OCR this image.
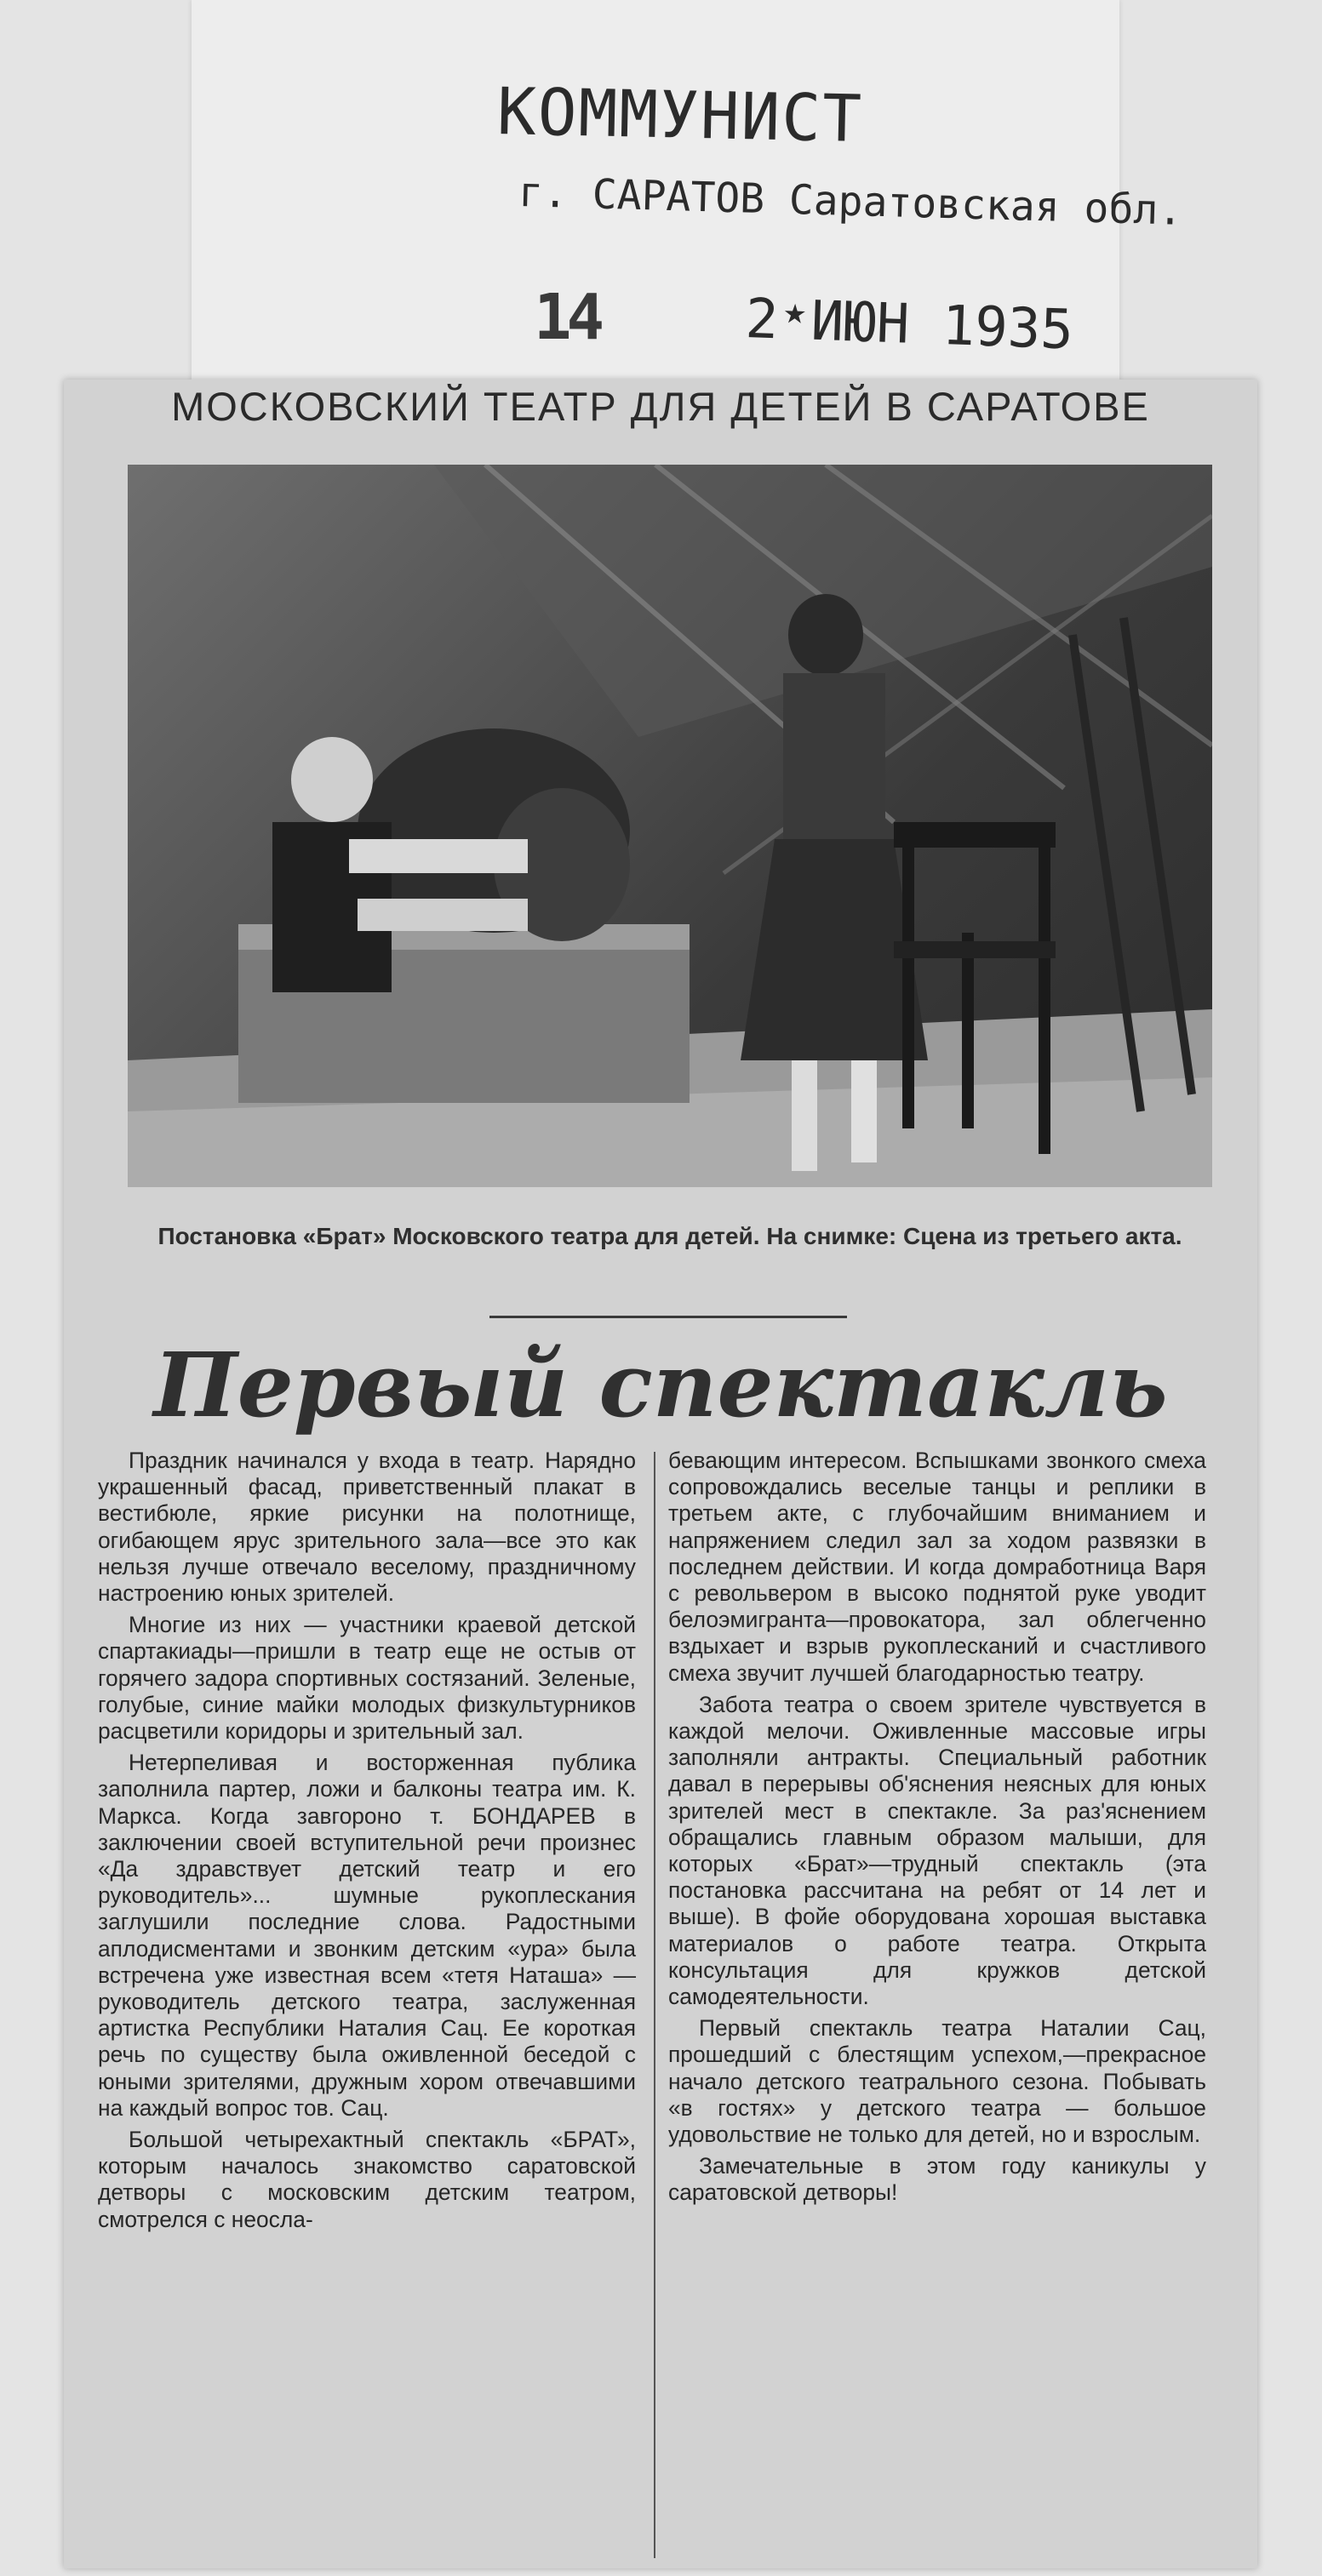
КОММУНИСТ
г. САРАТОВ Саратовская обл.
14	2★ИЮН 1935
МОСКОВСКИЙ ТЕАТР ДЛЯ ДЕТЕЙ В САРАТОВЕ
Постановка «Брат» Московского театра для детей. На снимке: Сцена из третьего акта.
Первый спектакль

Праздник начинался у входа в театр. Нарядно украшенный фасад, приветственный плакат в вестибюле, яркие рисунки на полотнище, огибающем ярус зрительного зала—все это как нельзя лучше отвечало веселому, праздничному настроению юных зрителей.

Многие из них — участники краевой детской спартакиады—пришли в театр еще не остыв от горячего задора спортивных состязаний. Зеленые, голубые, синие майки молодых физкультурников расцветили коридоры и зрительный зал.

Нетерпеливая и восторженная публика заполнила партер, ложи и балконы театра им. К. Маркса. Когда завгороно т. БОНДАРЕВ в заключении своей вступительной речи произнес «Да здравствует детский театр и его руководитель»... шумные рукоплескания заглушили последние слова. Радостными аплодисментами и звонким детским «ура» была встречена уже известная всем «тетя Наташа» — руководитель детского театра, заслуженная артистка Республики Наталия Сац. Ее короткая речь по существу была оживленной беседой с юными зрителями, дружным хором отвечавшими на каждый вопрос тов. Сац.

Большой четырехактный спектакль «БРАТ», которым началось знакомство саратовской детворы с московским детским театром, смотрелся с неосла-

бевающим интересом. Вспышками звонкого смеха сопровождались веселые танцы и реплики в третьем акте, с глубочайшим вниманием и напряжением следил зал за ходом развязки в последнем действии. И когда домработница Варя с револьвером в высоко поднятой руке уводит белоэмигранта—провокатора, зал облегченно вздыхает и взрыв рукоплесканий и счастливого смеха звучит лучшей благодарностью театру.

Забота театра о своем зрителе чувствуется в каждой мелочи. Оживленные массовые игры заполняли антракты. Специальный работник давал в перерывы об'яснения неясных для юных зрителей мест в спектакле. За раз'яснением обращались главным образом малыши, для которых «Брат»—трудный спектакль (эта постановка рассчитана на ребят от 14 лет и выше). В фойе оборудована хорошая выставка материалов о работе театра. Открыта консультация для кружков детской самодеятельности.

Первый спектакль театра Наталии Сац, прошедший с блестящим успехом,—прекрасное начало детского театрального сезона. Побывать «в гостях» у детского театра — большое удовольствие не только для детей, но и взрослым.

Замечательные в этом году каникулы у саратовской детворы!
